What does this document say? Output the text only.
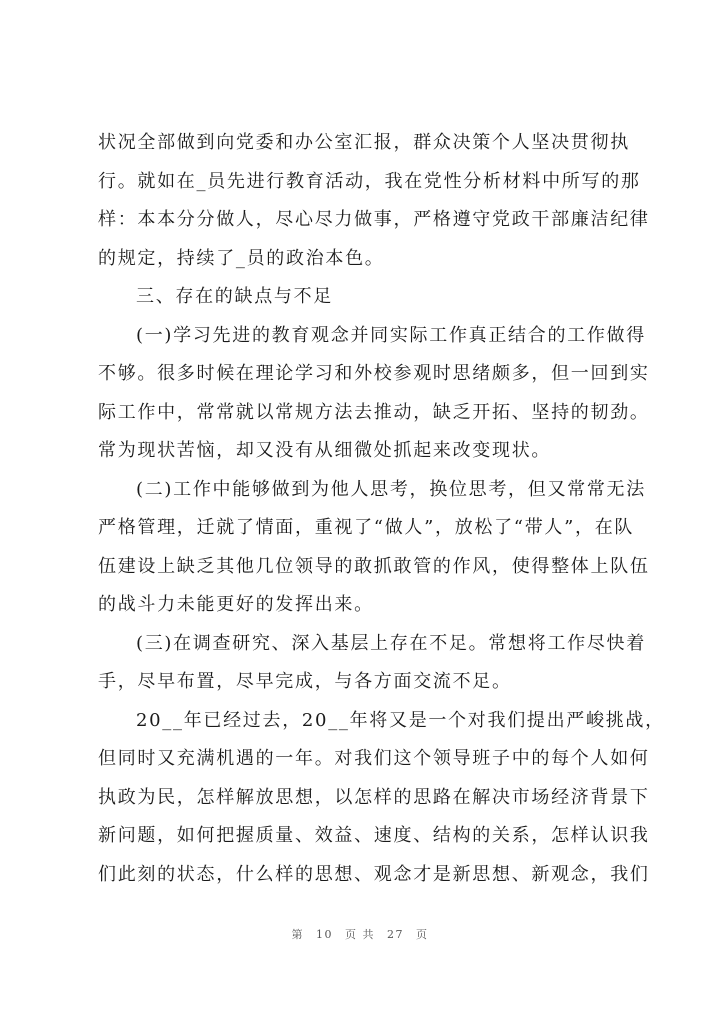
状况全部做到向党委和办公室汇报，群众决策个人坚决贯彻执
行。就如在_员先进行教育活动，我在党性分析材料中所写的那
样：本本分分做人，尽心尽力做事，严格遵守党政干部廉洁纪律
的规定，持续了_员的政治本色。
三、存在的缺点与不足
(一)学习先进的教育观念并同实际工作真正结合的工作做得
不够。很多时候在理论学习和外校参观时思绪颇多，但一回到实
际工作中，常常就以常规方法去推动，缺乏开拓、坚持的韧劲。
常为现状苦恼，却又没有从细微处抓起来改变现状。
(二)工作中能够做到为他人思考，换位思考，但又常常无法
严格管理，迁就了情面，重视了“做人”，放松了“带人”，在队
伍建设上缺乏其他几位领导的敢抓敢管的作风，使得整体上队伍
的战斗力未能更好的发挥出来。
(三)在调查研究、深入基层上存在不足。常想将工作尽快着
手，尽早布置，尽早完成，与各方面交流不足。
20__年已经过去，20__年将又是一个对我们提出严峻挑战，
但同时又充满机遇的一年。对我们这个领导班子中的每个人如何
执政为民，怎样解放思想，以怎样的思路在解决市场经济背景下
新问题，如何把握质量、效益、速度、结构的关系，怎样认识我
们此刻的状态，什么样的思想、观念才是新思想、新观念，我们
第 10 页 共 27 页
